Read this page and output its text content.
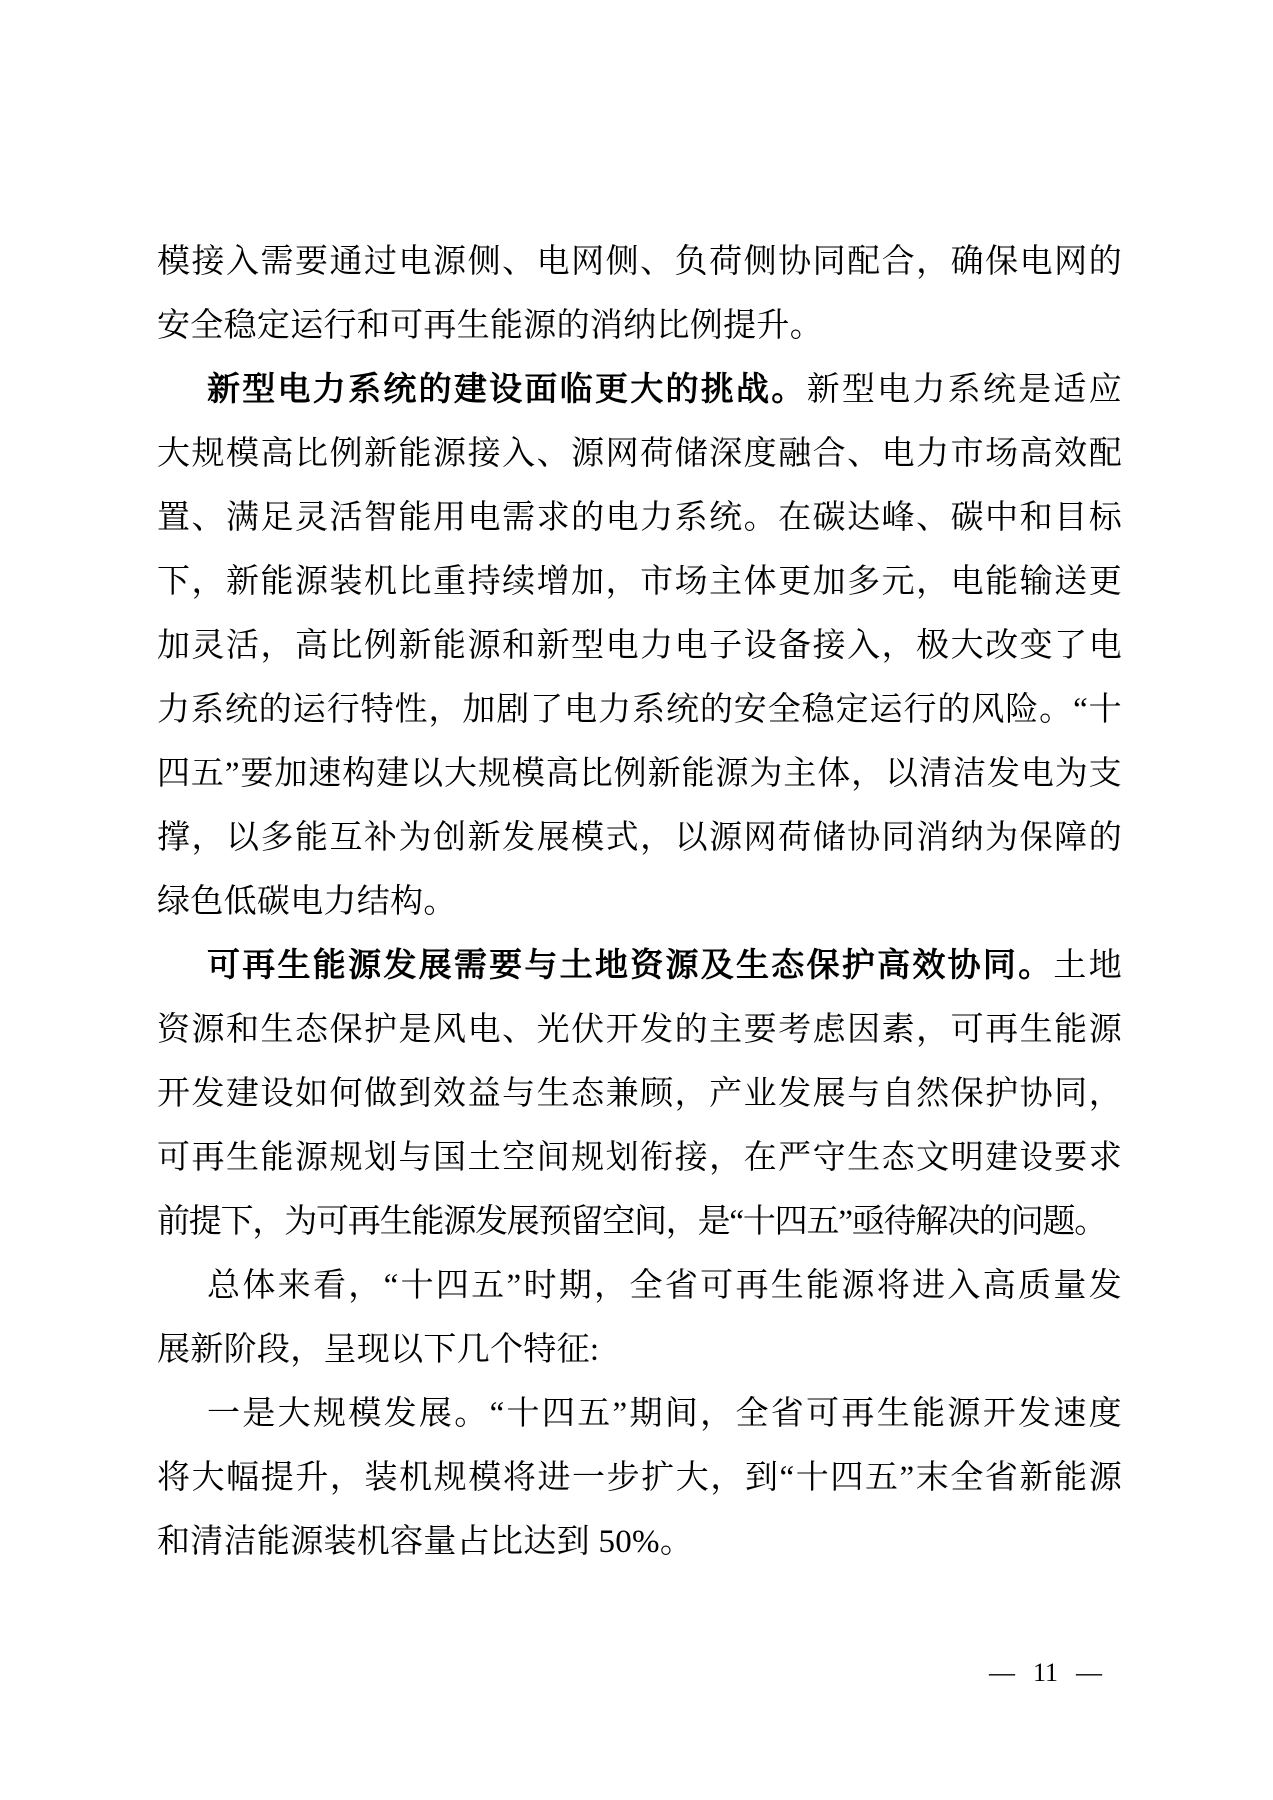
模接入需要通过电源侧、电网侧、负荷侧协同配合，确保电网的
安全稳定运行和可再生能源的消纳比例提升。
新型电力系统的建设面临更大的挑战。新型电力系统是适应
大规模高比例新能源接入、源网荷储深度融合、电力市场高效配
置、满足灵活智能用电需求的电力系统。在碳达峰、碳中和目标
下，新能源装机比重持续增加，市场主体更加多元，电能输送更
加灵活，高比例新能源和新型电力电子设备接入，极大改变了电
力系统的运行特性，加剧了电力系统的安全稳定运行的风险。“十
四五”要加速构建以大规模高比例新能源为主体，以清洁发电为支
撑，以多能互补为创新发展模式，以源网荷储协同消纳为保障的
绿色低碳电力结构。
可再生能源发展需要与土地资源及生态保护高效协同。土地
资源和生态保护是风电、光伏开发的主要考虑因素，可再生能源
开发建设如何做到效益与生态兼顾，产业发展与自然保护协同，
可再生能源规划与国土空间规划衔接，在严守生态文明建设要求
前提下，为可再生能源发展预留空间，是“十四五”亟待解决的问题。
总体来看，“十四五”时期，全省可再生能源将进入高质量发
展新阶段，呈现以下几个特征:
一是大规模发展。“十四五”期间，全省可再生能源开发速度
将大幅提升，装机规模将进一步扩大，到“十四五”末全省新能源
和清洁能源装机容量占比达到 50%。
— 11 —
